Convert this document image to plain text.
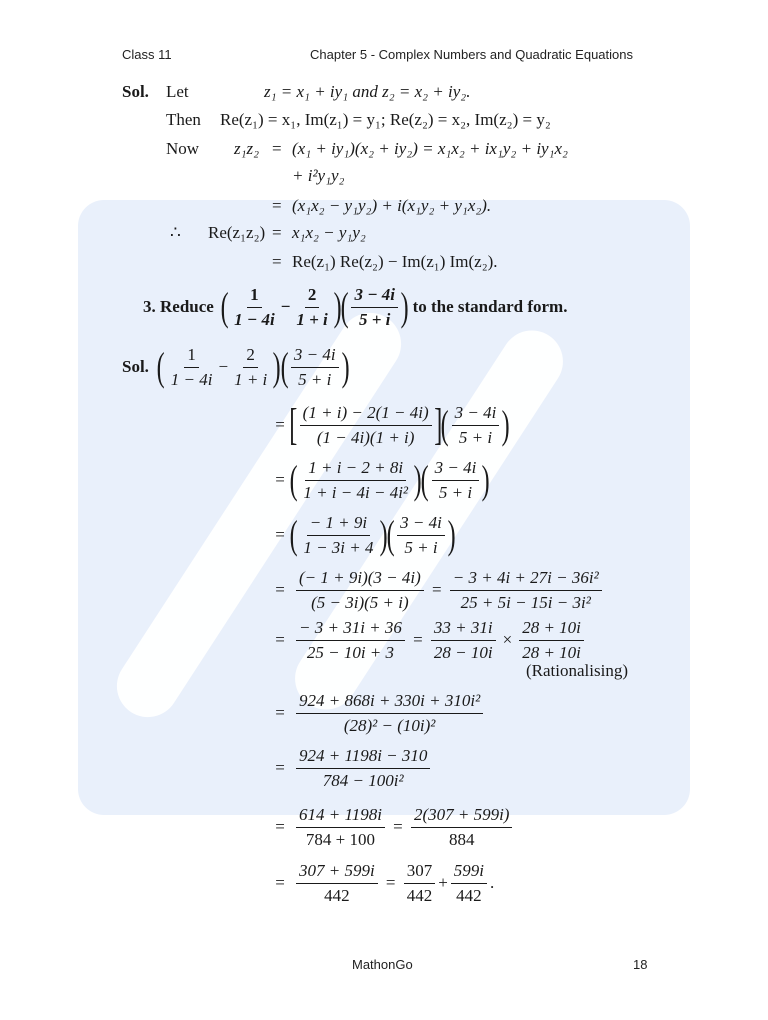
Class 11	Chapter 5 - Complex Numbers and Quadratic Equations
Sol. Let	z₁ = x₁ + iy₁ and z₂ = x₂ + iy₂.
Then Re(z₁) = x₁, Im(z₁) = y₁; Re(z₂) = x₂, Im(z₂) = y₂
Now z₁z₂ = (x₁ + iy₁)(x₂ + iy₂) = x₁x₂ + ix₁y₂ + iy₁x₂
+ i²y₁y₂
= (x₁x₂ − y₁y₂) + i(x₁y₂ + y₁x₂).
∴ Re(z₁z₂) = x₁x₂ − y₁y₂
= Re(z₁) Re(z₂) − Im(z₁) Im(z₂).
3.
Reduce ( $\frac{1}{1 - 4i} - \frac{2}{1 + i}$ ) ( $\frac{3 - 4i}{5 + i}$ )
to the standard form.
Sol.
( $\frac{1}{1 - 4i} - \frac{2}{1 + i}$ ) ( $\frac{3 - 4i}{5 + i}$ )
= [ $\frac{(1 + i) - 2(1 - 4i)}{(1 - 4i)(1 + i)}$ ]
( $\frac{3 - 4i}{5 + i}$ )
= ( $\frac{1 + i - 2 + 8i}{\text{1 + i − 4i − 4i²}}$ ) ( $\frac{3 - 4i}{5 + i}$ )
= ( $\frac{- 1 + 9i}{1 - 3i + 4}$ ) ( $\frac{3 - 4i}{5 + i}$ )
= $\frac{(- 1 + 9i)(3 - 4i)}{(5 - 3i)(5 + i)} = \frac{\text{− 3 + 4i + 27i − 36i²}}{\text{25 + 5i − 15i − 3i²}}$
= $\frac{- 3 + 31i + 36}{25 - 10i + 3} = \frac{33 + 31i}{28 - 10i} \times \frac{28 + 10i}{28 + 10i}$
(Rationalising)
= $\frac{\text{924 + 868i + 330i + 310i²}}{\text{(28)² − (10i)²}}$
= $\frac{924 + 1198i - 310}{\text{784 − 100i²}}$
= $\frac{614 + 1198i}{784 + 100} = \frac{2(307 + 599i)}{884}$
= $\frac{307 + 599i}{442} = \frac{307}{442} + \frac{599i}{442}$ .
MathonGo	18
